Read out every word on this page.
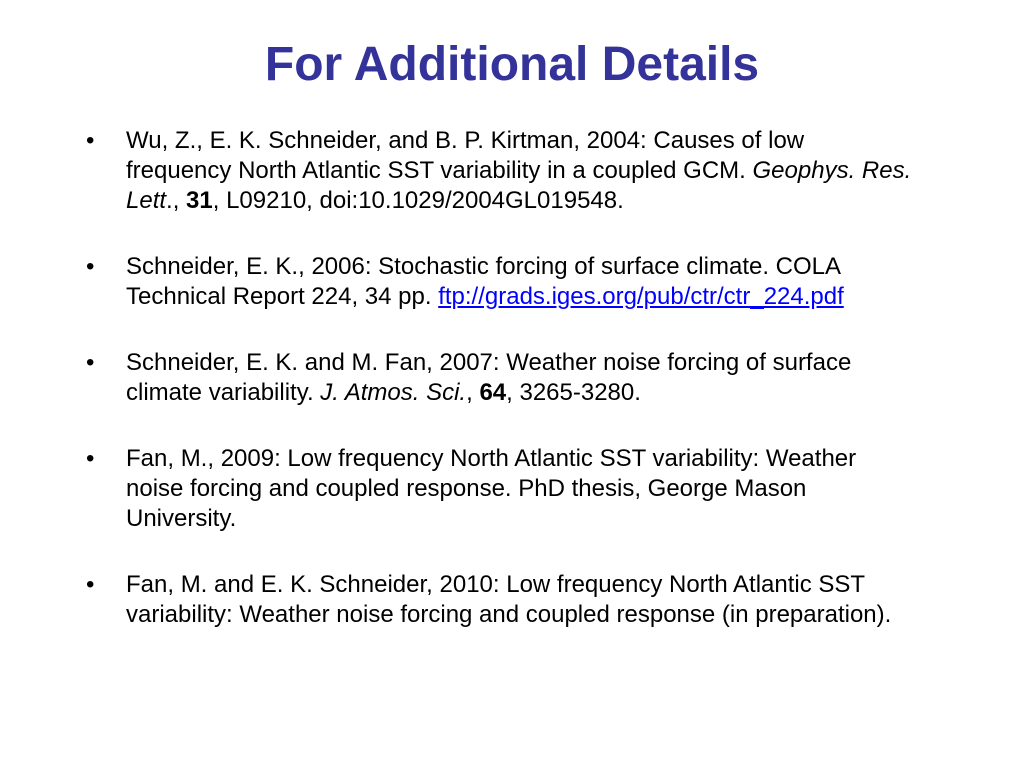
For Additional Details
•	Wu, Z., E. K. Schneider, and B. P. Kirtman, 2004: Causes of low frequency North Atlantic SST variability in a coupled GCM. Geophys. Res. Lett., 31, L09210, doi:10.1029/2004GL019548.
•	Schneider, E. K., 2006: Stochastic forcing of surface climate. COLA Technical Report 224, 34 pp. ftp://grads.iges.org/pub/ctr/ctr_224.pdf
•	Schneider, E. K. and M. Fan, 2007: Weather noise forcing of surface climate variability. J. Atmos. Sci., 64, 3265-3280.
•	Fan, M., 2009: Low frequency North Atlantic SST variability: Weather noise forcing and coupled response. PhD thesis, George Mason University.
•	Fan, M. and E. K. Schneider, 2010: Low frequency North Atlantic SST variability: Weather noise forcing and coupled response (in preparation).
